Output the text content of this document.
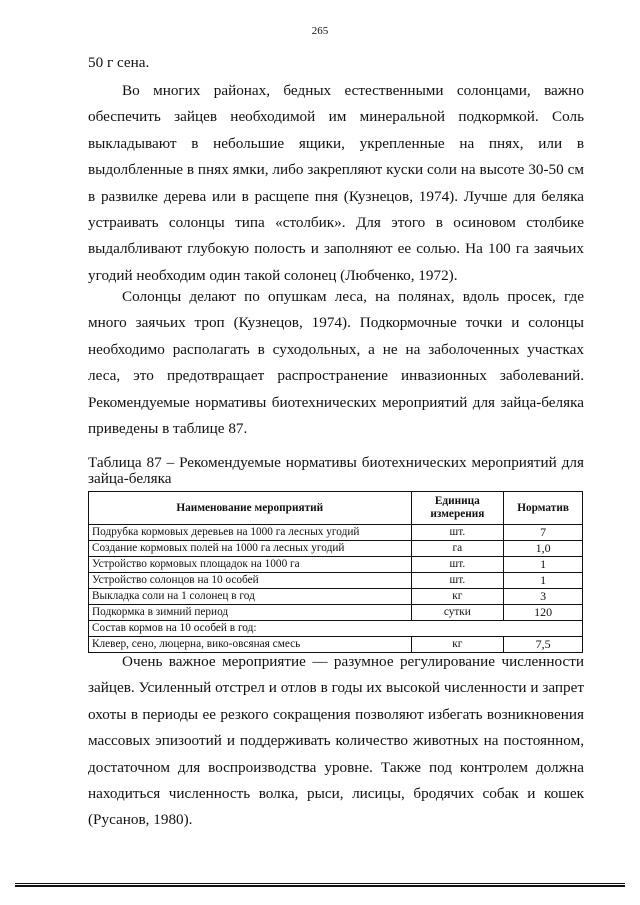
265

50 г сена.

Во многих районах, бедных естественными солонцами, важно обеспечить зайцев необходимой им минеральной подкормкой. Соль выкладывают в небольшие ящики, укрепленные на пнях, или в выдолбленные в пнях ямки, либо закрепляют куски соли на высоте 30-50 см в развилке дерева или в расщепе пня (Кузнецов, 1974). Лучше для беляка устраивать солонцы типа «столбик». Для этого в осиновом столбике выдалбливают глубокую полость и заполняют ее солью. На 100 га заячьих угодий необходим один такой солонец (Любченко, 1972).

Солонцы делают по опушкам леса, на полянах, вдоль просек, где много заячьих троп (Кузнецов, 1974). Подкормочные точки и солонцы необходимо располагать в суходольных, а не на заболоченных участках леса, это предотвращает распространение инвазионных заболеваний. Рекомендуемые нормативы биотехнических мероприятий для зайца-беляка приведены в таблице 87.

Таблица 87 – Рекомендуемые нормативы биотехнических мероприятий для зайца-беляка

Наименование мероприятий	Единица измерения	Норматив
Подрубка кормовых деревьев на 1000 га лесных угодий	шт.	7
Создание кормовых полей на 1000 га лесных угодий	га	1,0
Устройство кормовых площадок на 1000 га	шт.	1
Устройство солонцов на 10 особей	шт.	1
Выкладка соли на 1 солонец в год	кг	3
Подкормка в зимний период	сутки	120
Состав кормов на 10 особей в год:		
Клевер, сено, люцерна, вико-овсяная смесь	кг	7,5

Очень важное мероприятие — разумное регулирование численности зайцев. Усиленный отстрел и отлов в годы их высокой численности и запрет охоты в периоды ее резкого сокращения позволяют избегать возникновения массовых эпизоотий и поддерживать количество животных на постоянном, достаточном для воспроизводства уровне. Также под контролем должна находиться численность волка, рыси, лисицы, бродячих собак и кошек (Русанов, 1980).
